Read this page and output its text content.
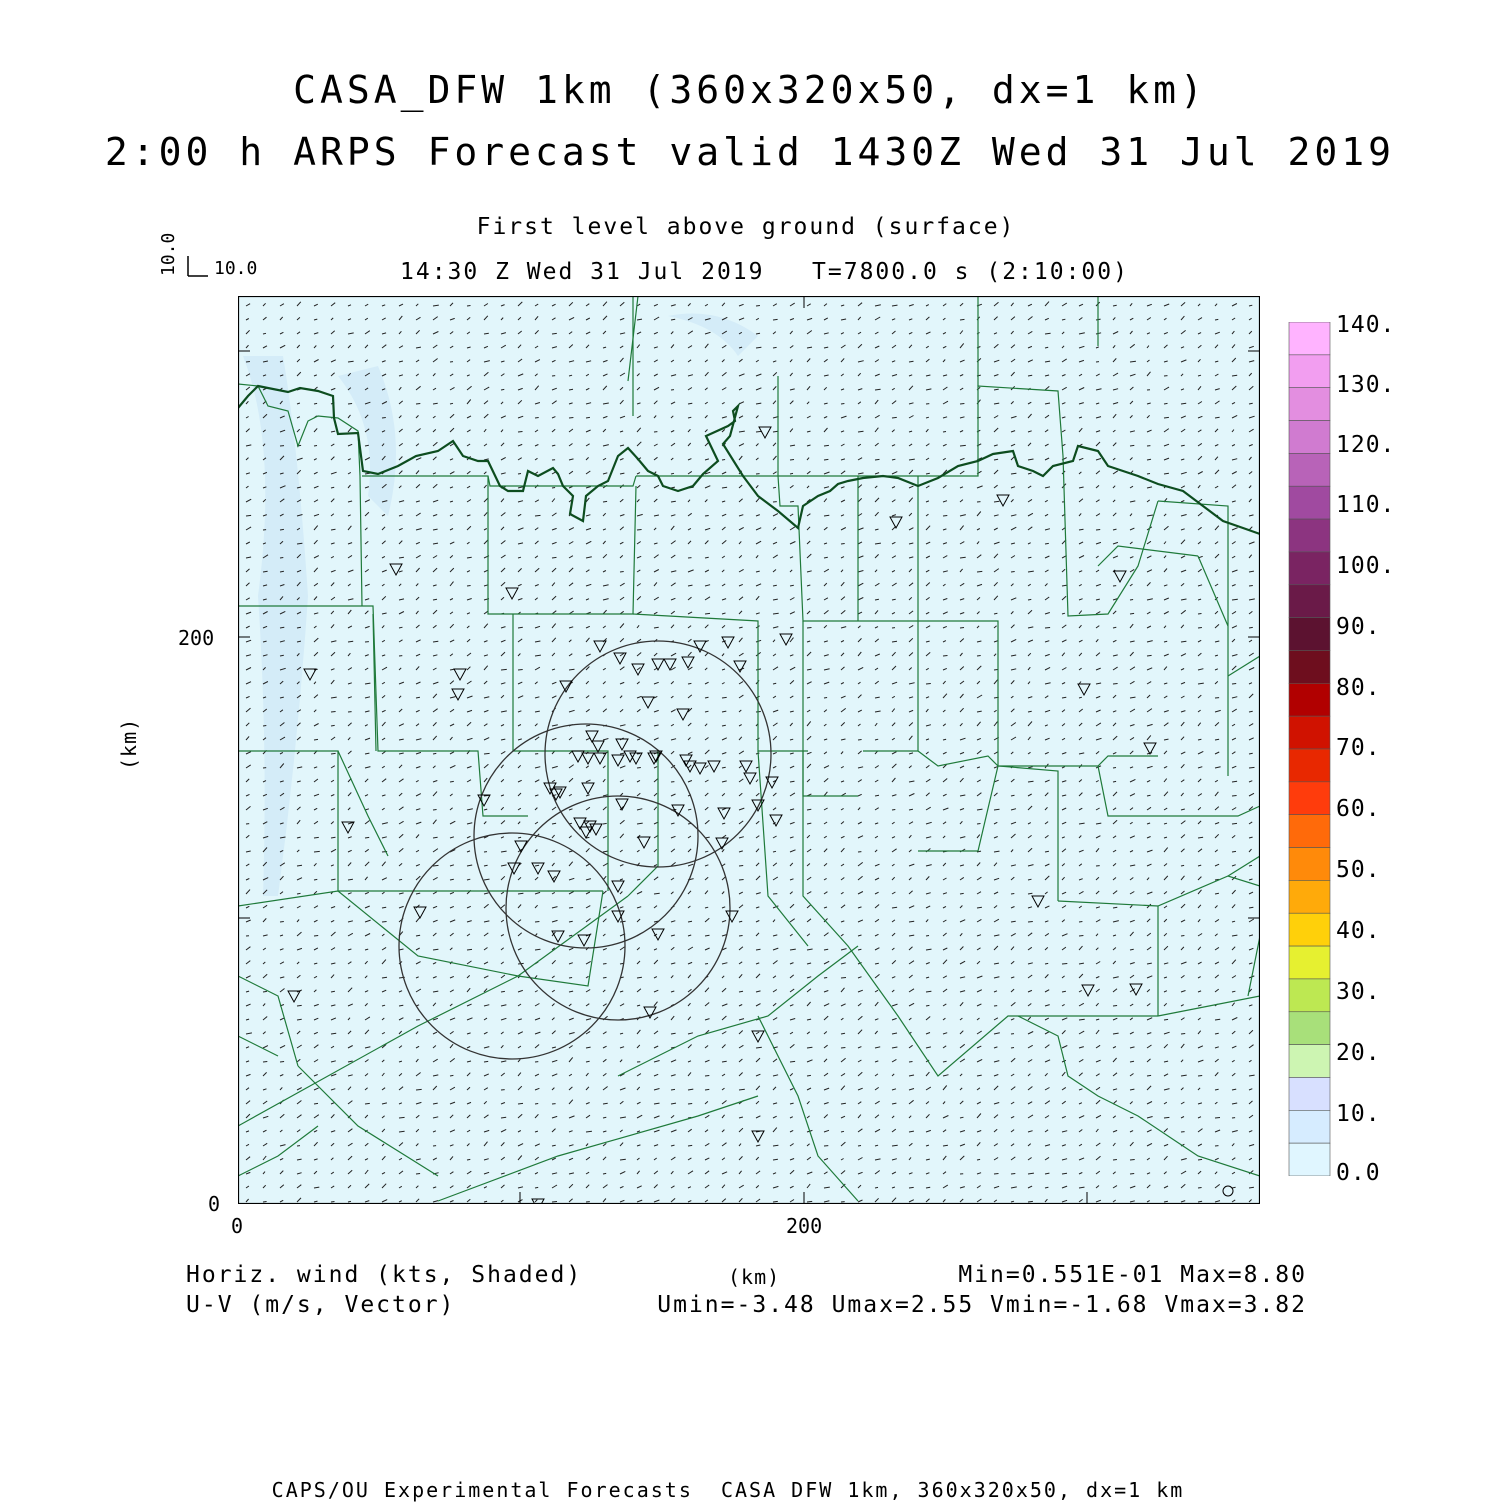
CASA_DFW 1km (360x320x50, dx=1 km)
2:00 h ARPS Forecast valid 1430Z Wed 31 Jul 2019
First level above ground (surface)
14:30 Z Wed 31 Jul 2019   T=7800.0 s (2:10:00)
10.0
10.0
200
0
0	200
(km)
(km)
140.
130.
120.
110.
100.
90.
80.
70.
60.
50.
40.
30.
20.
10.
0.0
Horiz. wind (kts, Shaded)
U-V (m/s, Vector)
Min=0.551E-01 Max=8.80
Umin=-3.48 Umax=2.55 Vmin=-1.68 Vmax=3.82
CAPS/OU Experimental Forecasts  CASA DFW 1km, 360x320x50, dx=1 km
